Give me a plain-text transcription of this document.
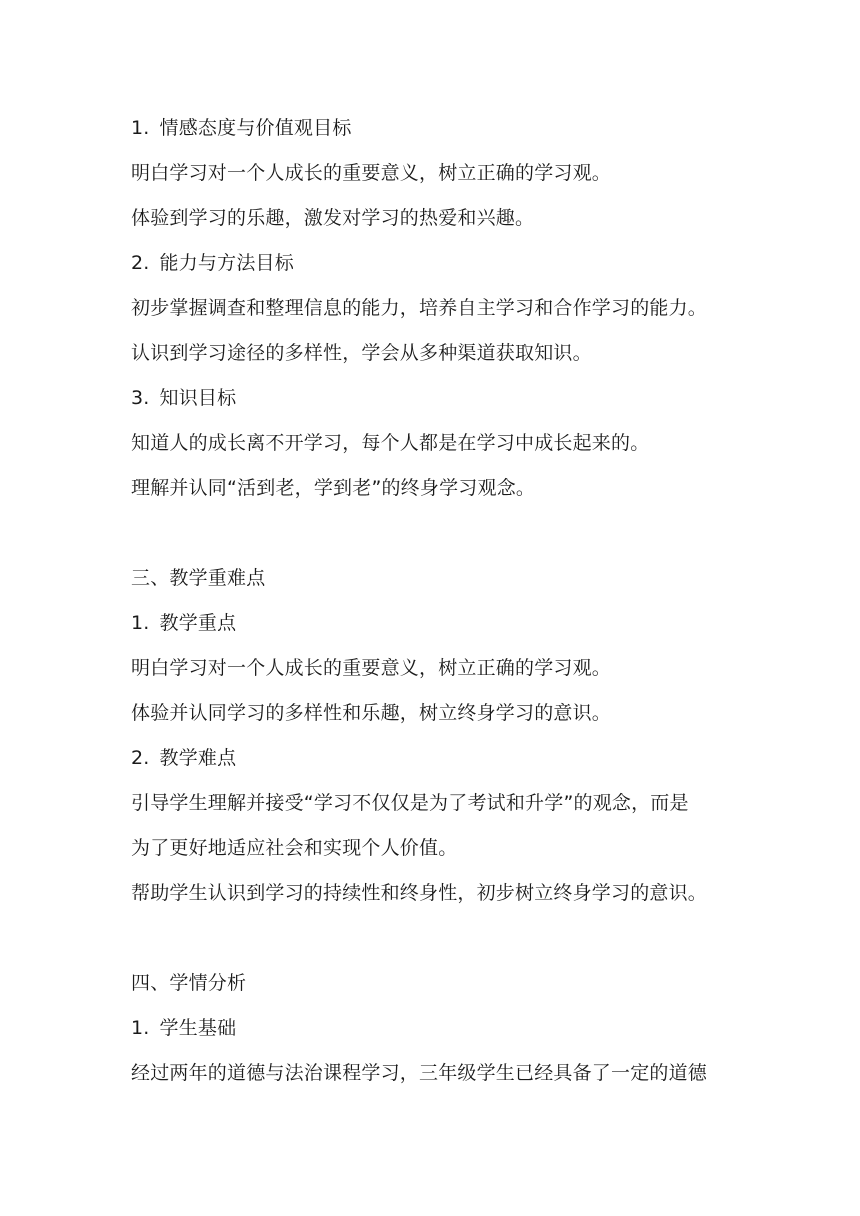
1. 情感态度与价值观目标
明白学习对一个人成长的重要意义，树立正确的学习观。
体验到学习的乐趣，激发对学习的热爱和兴趣。
2. 能力与方法目标
初步掌握调查和整理信息的能力，培养自主学习和合作学习的能力。
认识到学习途径的多样性，学会从多种渠道获取知识。
3. 知识目标
知道人的成长离不开学习，每个人都是在学习中成长起来的。
理解并认同“活到老，学到老”的终身学习观念。
三、教学重难点
1. 教学重点
明白学习对一个人成长的重要意义，树立正确的学习观。
体验并认同学习的多样性和乐趣，树立终身学习的意识。
2. 教学难点
引导学生理解并接受“学习不仅仅是为了考试和升学”的观念，而是
为了更好地适应社会和实现个人价值。
帮助学生认识到学习的持续性和终身性，初步树立终身学习的意识。
四、学情分析
1. 学生基础
经过两年的道德与法治课程学习，三年级学生已经具备了一定的道德
